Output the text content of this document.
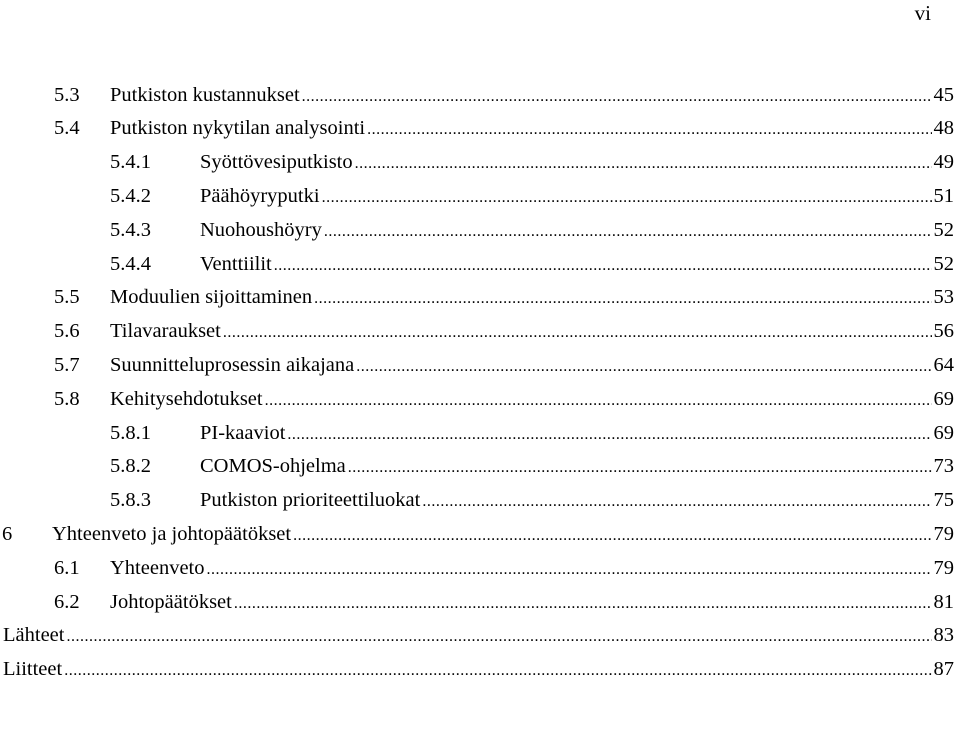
vi
5.3 Putkiston kustannukset .....	45
5.4 Putkiston nykytilan analysointi .....	48
5.4.1 Syöttövesiputkisto .....	49
5.4.2 Päähöyryputki .....	51
5.4.3 Nuohoushöyry .....	52
5.4.4 Venttiilit .....	52
5.5 Moduulien sijoittaminen .....	53
5.6 Tilavaraukset .....	56
5.7 Suunnitteluprosessin aikajana .....	64
5.8 Kehitysehdotukset .....	69
5.8.1 PI-kaaviot .....	69
5.8.2 COMOS-ohjelma .....	73
5.8.3 Putkiston prioriteettiluokat .....	75
6 Yhteenveto ja johtopäätökset .....	79
6.1 Yhteenveto .....	79
6.2 Johtopäätökset .....	81
Lähteet .....	83
Liitteet .....	87
